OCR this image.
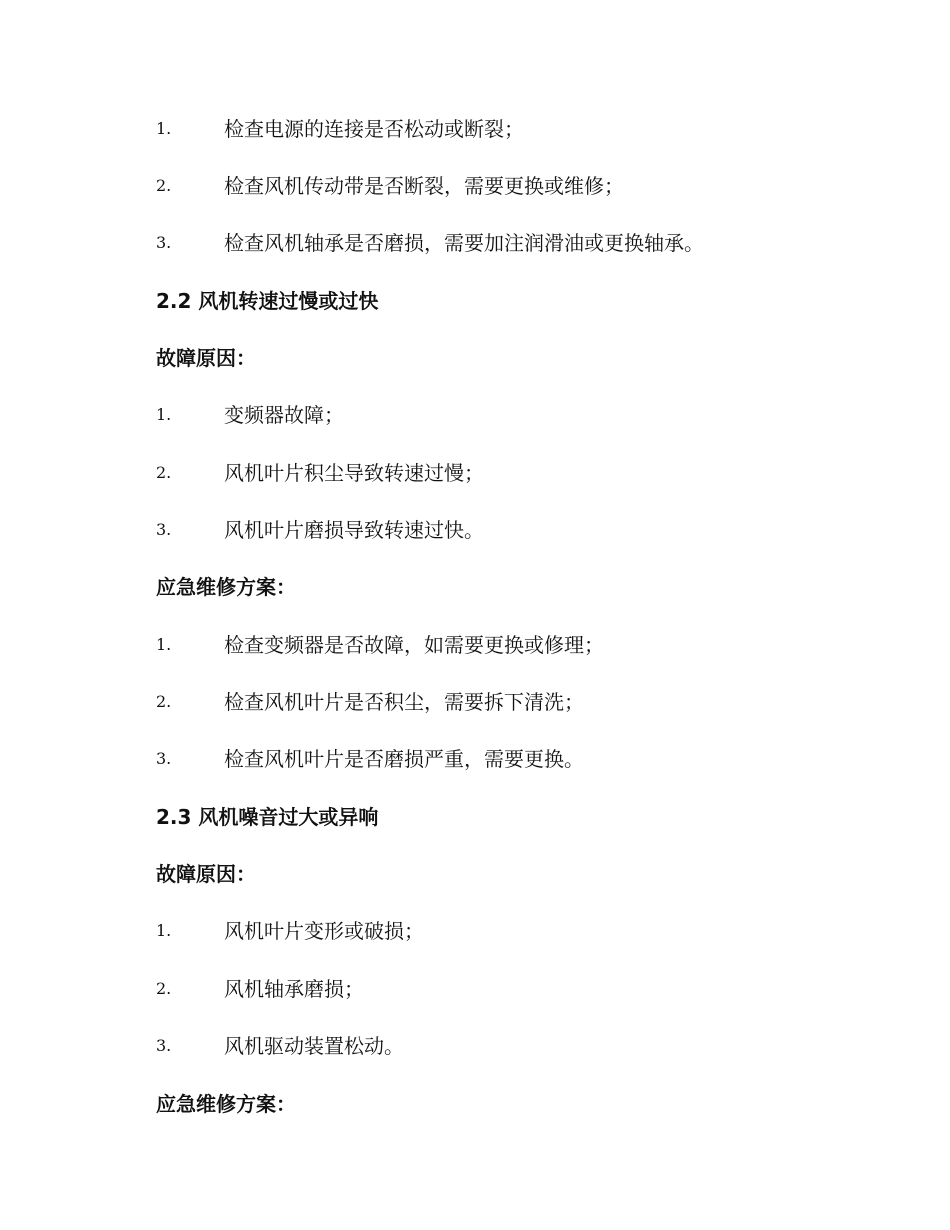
1.	检查电源的连接是否松动或断裂；
2.	检查风机传动带是否断裂，需要更换或维修；
3.	检查风机轴承是否磨损，需要加注润滑油或更换轴承。
2.2 风机转速过慢或过快
故障原因：
1.	变频器故障；
2.	风机叶片积尘导致转速过慢；
3.	风机叶片磨损导致转速过快。
应急维修方案：
1.	检查变频器是否故障，如需要更换或修理；
2.	检查风机叶片是否积尘，需要拆下清洗；
3.	检查风机叶片是否磨损严重，需要更换。
2.3 风机噪音过大或异响
故障原因：
1.	风机叶片变形或破损；
2.	风机轴承磨损；
3.	风机驱动装置松动。
应急维修方案：
